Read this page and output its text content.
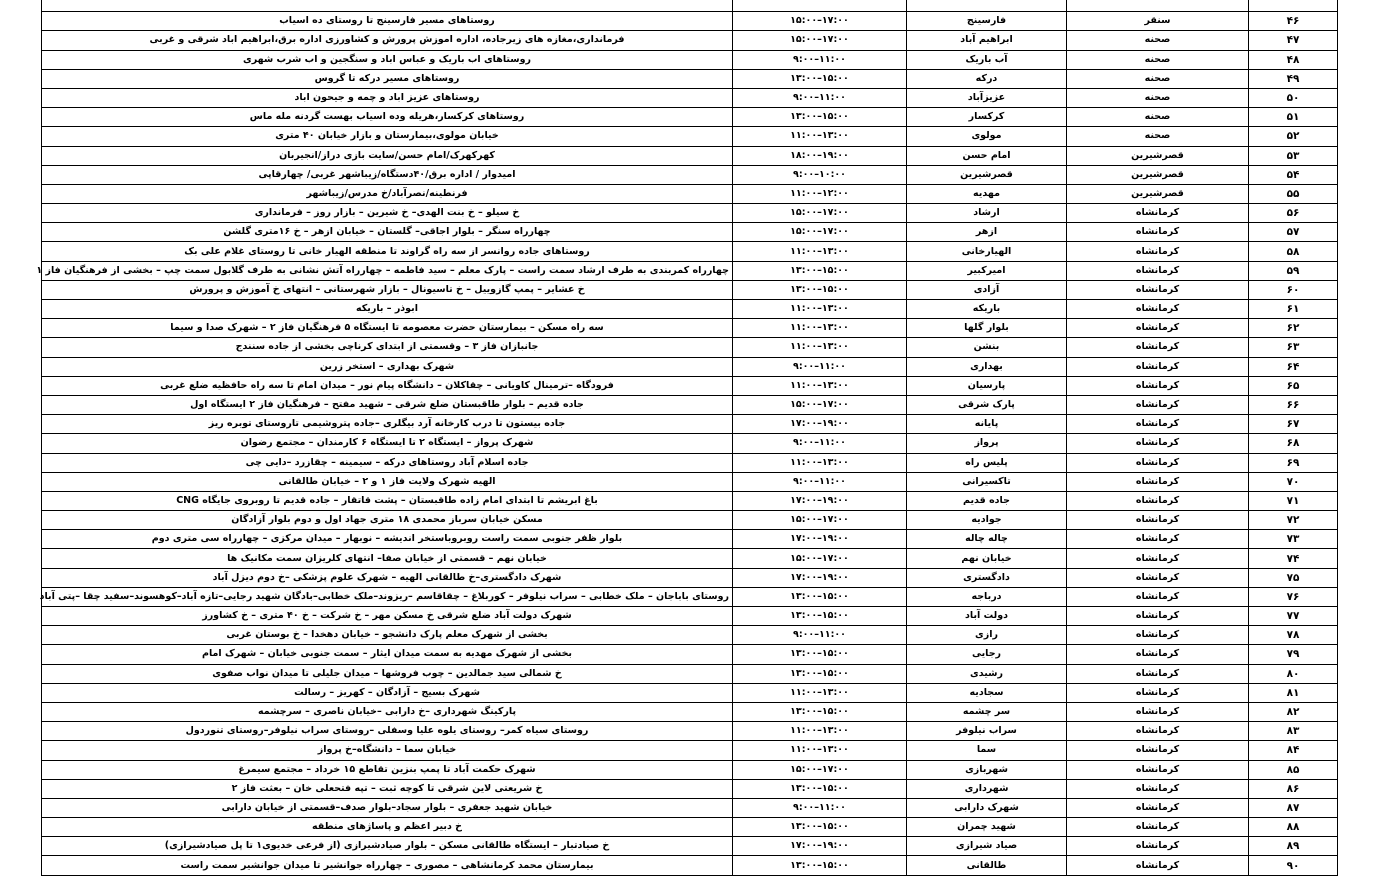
۴۶	سنقر	فارسینج	۱۵:۰۰–۱۷:۰۰	روستاهای مسیر فارسینج تا روستای ده اسیاب
۴۷	صحنه	ابراهیم آباد	۱۵:۰۰–۱۷:۰۰	فرمانداری،مغازه های زیرجاده، اداره اموزش پرورش و کشاورزی اداره برق،ابراهیم اباد شرقی و غربی
۴۸	صحنه	آب باریک	۹:۰۰–۱۱:۰۰	روستاهای اب باریک و عباس اباد و سنگجین و اب شرب شهری
۴۹	صحنه	درکه	۱۳:۰۰–۱۵:۰۰	روستاهای مسیر درکه تا گروس
۵۰	صحنه	عزیزآباد	۹:۰۰–۱۱:۰۰	روستاهای عزیز اباد و چمه و جیحون اباد
۵۱	صحنه	کرکسار	۱۳:۰۰–۱۵:۰۰	روستاهای کرکسار،هریله وده اسیاب بهست گردنه مله ماس
۵۲	صحنه	مولوی	۱۱:۰۰–۱۳:۰۰	خیابان مولوی،بیمارستان و بازار خیابان ۴۰ متری
۵۳	قصرشیرین	امام حسن	۱۸:۰۰–۱۹:۰۰	کهرکهرک/امام حسن/سایت بازی دراز/انجیربان
۵۴	قصرشیرین	قصرشیرین	۹:۰۰–۱۰:۰۰	امیدوار / اداره برق/۴۰دستگاه/زیباشهر غربی/ چهارقاپی
۵۵	قصرشیرین	مهدیه	۱۱:۰۰–۱۲:۰۰	فرنطینه/نصرآباد/خ مدرس/زیباشهر
۵۶	کرمانشاه	ارشاد	۱۵:۰۰–۱۷:۰۰	خ سیلو – خ بنت الهدی– خ شیرین – بازار روز – فرمانداری
۵۷	کرمانشاه	ازهر	۱۵:۰۰–۱۷:۰۰	چهارراه سنگر – بلوار اجاقی– گلستان – خیابان ازهر – خ ۱۶متری گلشن
۵۸	کرمانشاه	الهیارخانی	۱۱:۰۰–۱۳:۰۰	روستاهای جاده روانسر از سه راه گراوند تا منطقه الهیار خانی تا روستای غلام علی بک
۵۹	کرمانشاه	امیرکبیر	۱۳:۰۰–۱۵:۰۰	چهارراه کمربندی به طرف ارشاد سمت راست – پارک معلم – سید فاطمه – چهارراه آتش نشانی به طرف گلابول سمت چپ – بخشی از فرهنگیان فاز ۱
۶۰	کرمانشاه	آزادی	۱۳:۰۰–۱۵:۰۰	خ عشایر – پمپ گازوییل – خ تاسیونال – بازار شهرستانی – انتهای خ آموزش و پرورش
۶۱	کرمانشاه	باریکه	۱۱:۰۰–۱۳:۰۰	ابوذر – باریکه
۶۲	کرمانشاه	بلوار گلها	۱۱:۰۰–۱۳:۰۰	سه راه مسکن – بیمارستان حضرت معصومه تا ایستگاه ۵ فرهنگیان فاز ۲ – شهرک صدا و سیما
۶۳	کرمانشاه	بنشن	۱۱:۰۰–۱۳:۰۰	جانبازان فاز ۳ – وقسمتی از ابتدای کرناچی بخشی از جاده سنندج
۶۴	کرمانشاه	بهداری	۹:۰۰–۱۱:۰۰	شهرک بهداری – استخر زرین
۶۵	کرمانشاه	پارسیان	۱۱:۰۰–۱۳:۰۰	فرودگاه –ترمینال کاویانی – چقاکلان – دانشگاه پیام نور – میدان امام تا سه راه حافظیه ضلع غربی
۶۶	کرمانشاه	پارک شرقی	۱۵:۰۰–۱۷:۰۰	جاده قدیم – بلوار طاقبستان ضلع شرقی – شهید مفتح – فرهنگیان فاز ۲ ایستگاه اول
۶۷	کرمانشاه	پایانه	۱۷:۰۰–۱۹:۰۰	جاده بیستون تا درب کارخانه آرد بیگلری –جاده پتروشیمی تاروستای توبره ریز
۶۸	کرمانشاه	پرواز	۹:۰۰–۱۱:۰۰	شهرک پرواز – ایستگاه ۲ تا ایستگاه ۶ کارمندان – مجتمع رضوان
۶۹	کرمانشاه	پلیس راه	۱۱:۰۰–۱۳:۰۰	جاده اسلام آباد روستاهای درکه – سیمینه – چقازرد –دایی چی
۷۰	کرمانشاه	تاکسیرانی	۹:۰۰–۱۱:۰۰	الهیه شهرک ولایت فاز ۱ و ۲ – خیابان طالقانی
۷۱	کرمانشاه	جاده قدیم	۱۷:۰۰–۱۹:۰۰	باغ ابریشم تا ابتدای امام زاده طاقبستان – پشت قاتقار – جاده قدیم تا روبروی جایگاه CNG
۷۲	کرمانشاه	جوادیه	۱۵:۰۰–۱۷:۰۰	مسکن خیابان سرباز محمدی ۱۸ متری جهاد اول و دوم بلوار آزادگان
۷۳	کرمانشاه	چاله چاله	۱۷:۰۰–۱۹:۰۰	بلوار ظفر جنوبی سمت راست روبروباستخر اندیشه – نوبهار – میدان مرکزی – چهارراه سی متری دوم
۷۴	کرمانشاه	خیابان نهم	۱۵:۰۰–۱۷:۰۰	خیابان نهم – قسمتی از خیابان صفا– انتهای کلریزان سمت مکانیک ها
۷۵	کرمانشاه	دادگستری	۱۷:۰۰–۱۹:۰۰	شهرک دادگستری–خ طالقانی الهیه – شهرک علوم پزشکی –خ دوم دیزل آباد
۷۶	کرمانشاه	درباجه	۱۳:۰۰–۱۵:۰۰	روستای باباجان – ملک خطابی – سراب نیلوفر – کوربلاغ – چقاقاسم –ریزوند–ملک خطابی–بادگان شهید رجایی–تازه آباد–کوهسوند–سفید چقا –پتی آباد
۷۷	کرمانشاه	دولت آباد	۱۳:۰۰–۱۵:۰۰	شهرک دولت آباد ضلع شرقی خ مسکن مهر – خ شرکت – خ ۴۰ متری – خ کشاورز
۷۸	کرمانشاه	رازی	۹:۰۰–۱۱:۰۰	بخشی از شهرک معلم پارک دانشجو – خیابان دهخدا – خ بوستان غربی
۷۹	کرمانشاه	رجایی	۱۳:۰۰–۱۵:۰۰	بخشی از شهرک مهدیه به سمت میدان ایثار – سمت جنوبی خیابان – شهرک امام
۸۰	کرمانشاه	رشیدی	۱۳:۰۰–۱۵:۰۰	خ شمالی سید جمالدین – چوب فروشها – میدان جلیلی تا میدان نواب صفوی
۸۱	کرمانشاه	سجادیه	۱۱:۰۰–۱۳:۰۰	شهرک بسیج – آزادگان – کهریز – رسالت
۸۲	کرمانشاه	سر چشمه	۱۳:۰۰–۱۵:۰۰	پارکینگ شهرداری –خ دارابی –خیابان ناصری – سرچشمه
۸۳	کرمانشاه	سراب نیلوفر	۱۱:۰۰–۱۳:۰۰	روستای سیاه کمر– روستای یلوه علیا وسفلی –روستای سراب نیلوفر–روستای تنوردول
۸۴	کرمانشاه	سما	۱۱:۰۰–۱۳:۰۰	خیابان سما – دانشگاه–خ پرواز
۸۵	کرمانشاه	شهربازی	۱۵:۰۰–۱۷:۰۰	شهرک حکمت آباد تا پمپ بنزین تقاطع ۱۵ خرداد – مجتمع سیمرغ
۸۶	کرمانشاه	شهرداری	۱۳:۰۰–۱۵:۰۰	خ شریعتی لاین شرقی تا کوچه ثبت – تپه فتحعلی خان – بعثت فاز ۲
۸۷	کرمانشاه	شهرک دارابی	۹:۰۰–۱۱:۰۰	خیابان شهید جعفری – بلوار سجاد–بلوار صدف–قسمتی از خیابان دارابی
۸۸	کرمانشاه	شهید چمران	۱۳:۰۰–۱۵:۰۰	خ دبیر اعظم و پاساژهای منطقه
۸۹	کرمانشاه	صیاد شیرازی	۱۷:۰۰–۱۹:۰۰	خ صیادتبار – ایستگاه طالقانی مسکن – بلوار صیادشیرازی (از فرعی خدیوی۱ تا پل صیادشیرازی)
۹۰	کرمانشاه	طالقانی	۱۳:۰۰–۱۵:۰۰	بیمارستان محمد کرمانشاهی – مصوری – چهارراه جوانشیر تا میدان جوانشیر سمت راست
